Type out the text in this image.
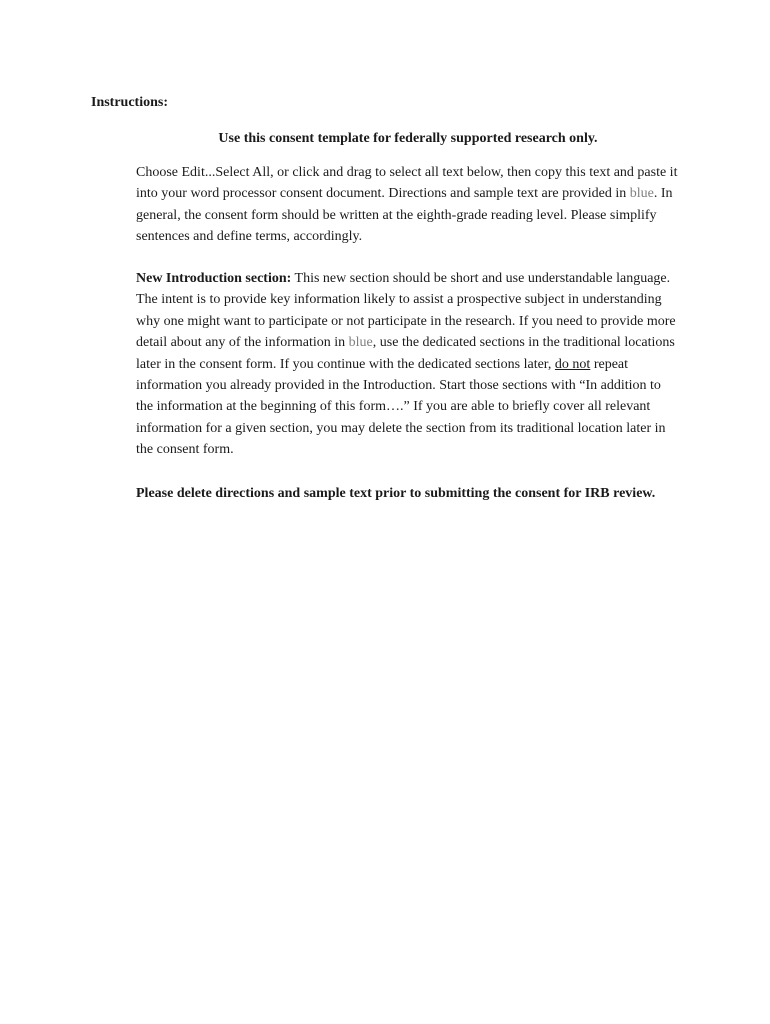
Instructions:
Use this consent template for federally supported research only.

Choose Edit...Select All, or click and drag to select all text below, then copy this text and paste it into your word processor consent document. Directions and sample text are provided in blue. In general, the consent form should be written at the eighth-grade reading level. Please simplify sentences and define terms, accordingly.

New Introduction section: This new section should be short and use understandable language. The intent is to provide key information likely to assist a prospective subject in understanding why one might want to participate or not participate in the research. If you need to provide more detail about any of the information in blue, use the dedicated sections in the traditional locations later in the consent form. If you continue with the dedicated sections later, do not repeat information you already provided in the Introduction. Start those sections with “In addition to the information at the beginning of this form….” If you are able to briefly cover all relevant information for a given section, you may delete the section from its traditional location later in the consent form.

Please delete directions and sample text prior to submitting the consent for IRB review.
